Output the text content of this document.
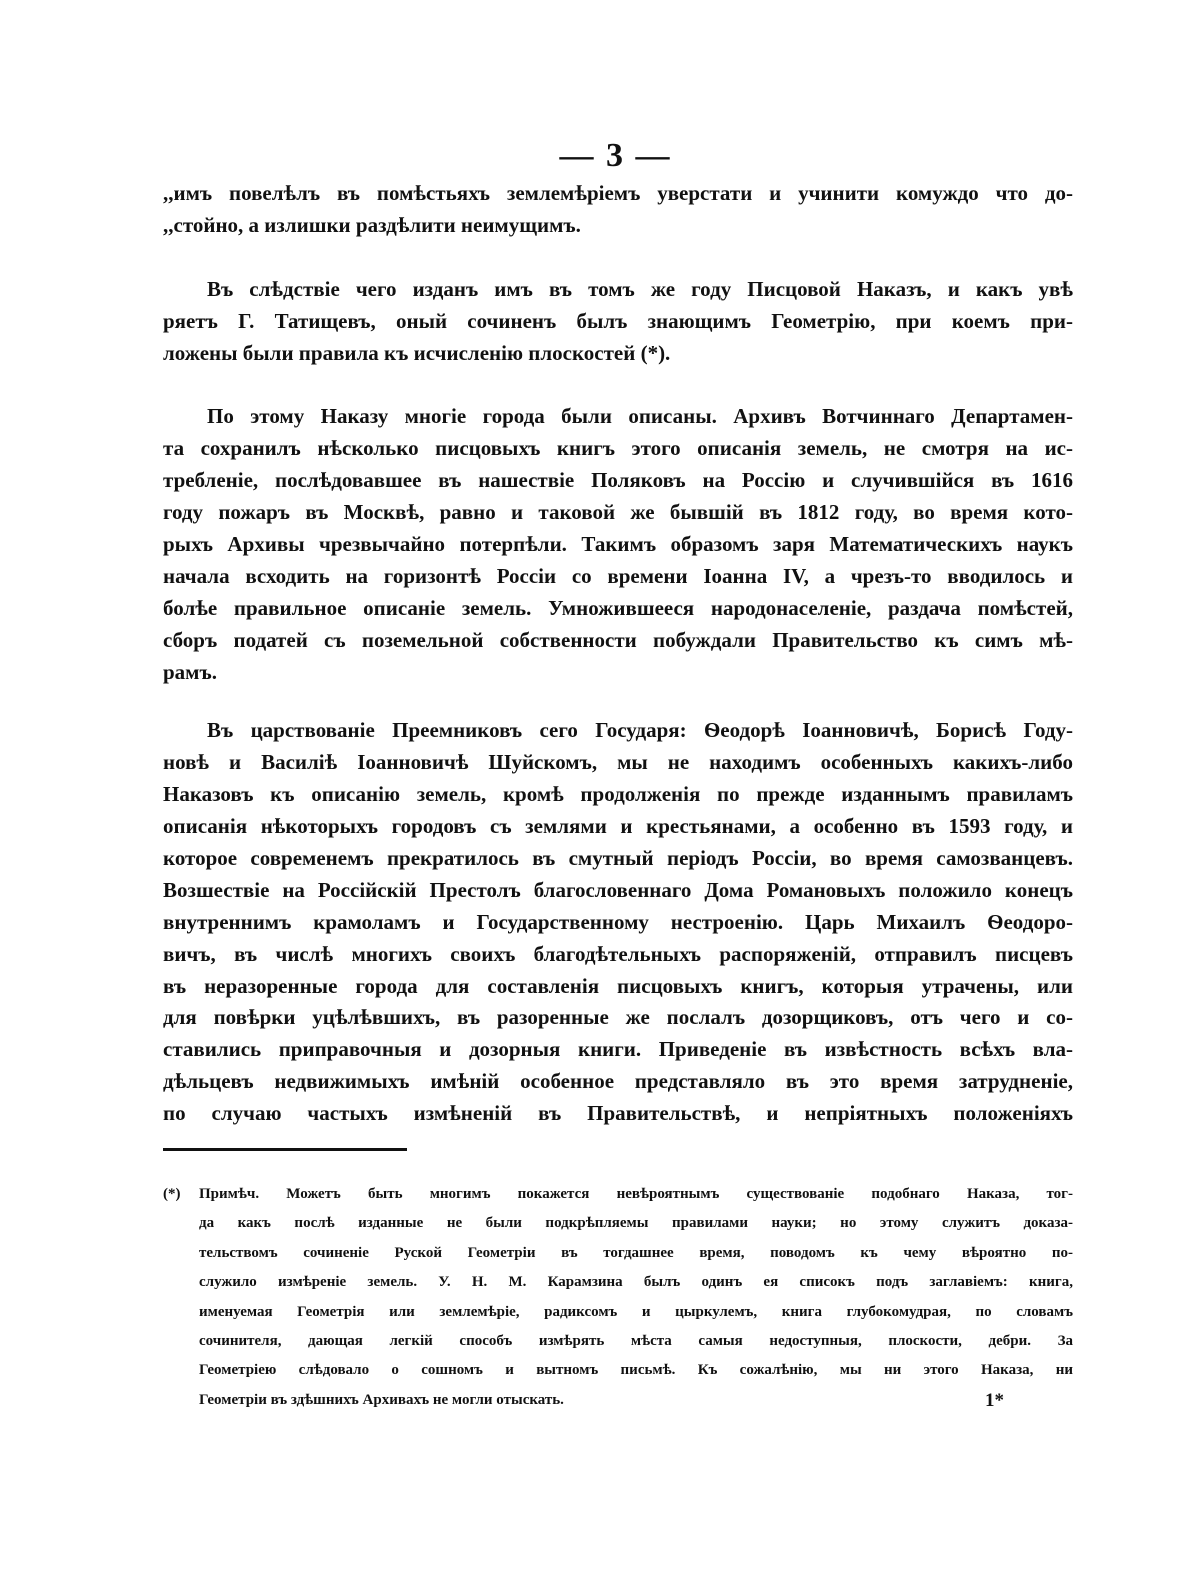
— 3 —
,,имъ повелѣлъ въ помѣстьяхъ землемѣріемъ уверстати и учинити комуждо что до-
,,стойно, а излишки раздѣлити неимущимъ.
Въ слѣдствіе чего изданъ имъ въ томъ же году Писцовой Наказъ, и какъ увѣ
ряетъ Г. Татищевъ, оный сочиненъ былъ знающимъ Геометрію, при коемъ при-
ложены были правила къ исчисленію плоскостей (*).
По этому Наказу многіе города были описаны. Архивъ Вотчиннаго Департамен-
та сохранилъ нѣсколько писцовыхъ книгъ этого описанія земель, не смотря на ис-
требленіе, послѣдовавшее въ нашествіе Поляковъ на Россію и случившійся въ 1616
году пожаръ въ Москвѣ, равно и таковой же бывшій въ 1812 году, во время кото-
рыхъ Архивы чрезвычайно потерпѣли. Такимъ образомъ заря Математическихъ наукъ
начала всходить на горизонтѣ Россіи со времени Іоанна IV, а чрезъ-то вводилось и
болѣе правильное описаніе земель. Умножившееся народонаселеніе, раздача помѣстей,
сборъ податей съ поземельной собственности побуждали Правительство къ симъ мѣ-
рамъ.
Въ царствованіе Преемниковъ сего Государя: Ѳеодорѣ Іоанновичѣ, Борисѣ Году-
новѣ и Василіѣ Іоанновичѣ Шуйскомъ, мы не находимъ особенныхъ какихъ-либо
Наказовъ къ описанію земель, кромѣ продолженія по прежде изданнымъ правиламъ
описанія нѣкоторыхъ городовъ съ землями и крестьянами, а особенно въ 1593 году, и
которое современемъ прекратилось въ смутный періодъ Россіи, во время самозванцевъ.
Возшествіе на Россійскій Престолъ благословеннаго Дома Романовыхъ положило конецъ
внутреннимъ крамоламъ и Государственному нестроенію. Царь Михаилъ Ѳеодоро-
вичъ, въ числѣ многихъ своихъ благодѣтельныхъ распоряженій, отправилъ писцевъ
въ неразоренные города для составленія писцовыхъ книгъ, которыя утрачены, или
для повѣрки уцѣлѣвшихъ, въ разоренные же послалъ дозорщиковъ, отъ чего и со-
ставились приправочныя и дозорныя книги. Приведеніе въ извѣстность всѣхъ вла-
дѣльцевъ недвижимыхъ имѣній особенное представляло въ это время затрудненіе,
по случаю частыхъ измѣненій въ Правительствѣ, и непріятныхъ положеніяхъ
(*) Примѣч. Можетъ быть многимъ покажется невѣроятнымъ существованіе подобнаго Наказа, тог-
да какъ послѣ изданные не были подкрѣпляемы правилами науки; но этому служитъ доказа-
тельствомъ сочиненіе Руской Геометріи въ тогдашнее время, поводомъ къ чему вѣроятно по-
служило измѣреніе земель. У. Н. М. Карамзина былъ одинъ ея списокъ подъ заглавіемъ: книга,
именуемая Геометрія или землемѣріе, радиксомъ и цыркулемъ, книга глубокомудрая, по словамъ
сочинителя, дающая легкій способъ измѣрять мѣста самыя недоступныя, плоскости, дебри. За
Геометріею слѣдовало о сошномъ и вытномъ письмѣ. Къ сожалѣнію, мы ни этого Наказа, ни
Геометріи въ здѣшнихъ Архивахъ не могли отыскать.	1*
